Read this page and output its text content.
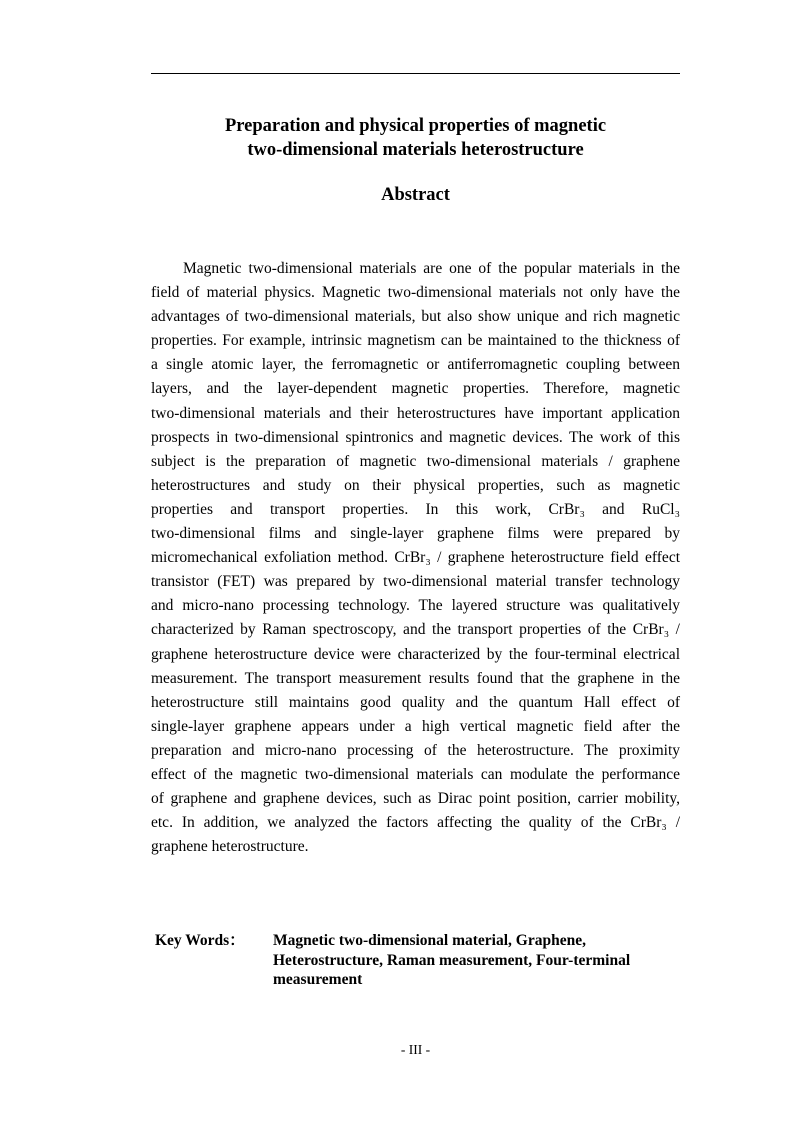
Preparation and physical properties of magnetic
two-dimensional materials heterostructure
Abstract
Magnetic two-dimensional materials are one of the popular materials in the
field of material physics. Magnetic two-dimensional materials not only have the
advantages of two-dimensional materials, but also show unique and rich magnetic
properties. For example, intrinsic magnetism can be maintained to the thickness of
a single atomic layer, the ferromagnetic or antiferromagnetic coupling between
layers, and the layer-dependent magnetic properties. Therefore, magnetic
two-dimensional materials and their heterostructures have important application
prospects in two-dimensional spintronics and magnetic devices. The work of this
subject is the preparation of magnetic two-dimensional materials / graphene
heterostructures and study on their physical properties, such as magnetic
properties and transport properties. In this work, CrBr₃ and RuCl₃
two-dimensional films and single-layer graphene films were prepared by
micromechanical exfoliation method. CrBr₃ / graphene heterostructure field effect
transistor (FET) was prepared by two-dimensional material transfer technology
and micro-nano processing technology. The layered structure was qualitatively
characterized by Raman spectroscopy, and the transport properties of the CrBr₃ /
graphene heterostructure device were characterized by the four-terminal electrical
measurement. The transport measurement results found that the graphene in the
heterostructure still maintains good quality and the quantum Hall effect of
single-layer graphene appears under a high vertical magnetic field after the
preparation and micro-nano processing of the heterostructure. The proximity
effect of the magnetic two-dimensional materials can modulate the performance
of graphene and graphene devices, such as Dirac point position, carrier mobility,
etc. In addition, we analyzed the factors affecting the quality of the CrBr₃ /
graphene heterostructure.
Key Words： Magnetic two-dimensional material, Graphene,
Heterostructure, Raman measurement, Four-terminal
measurement
- III -
